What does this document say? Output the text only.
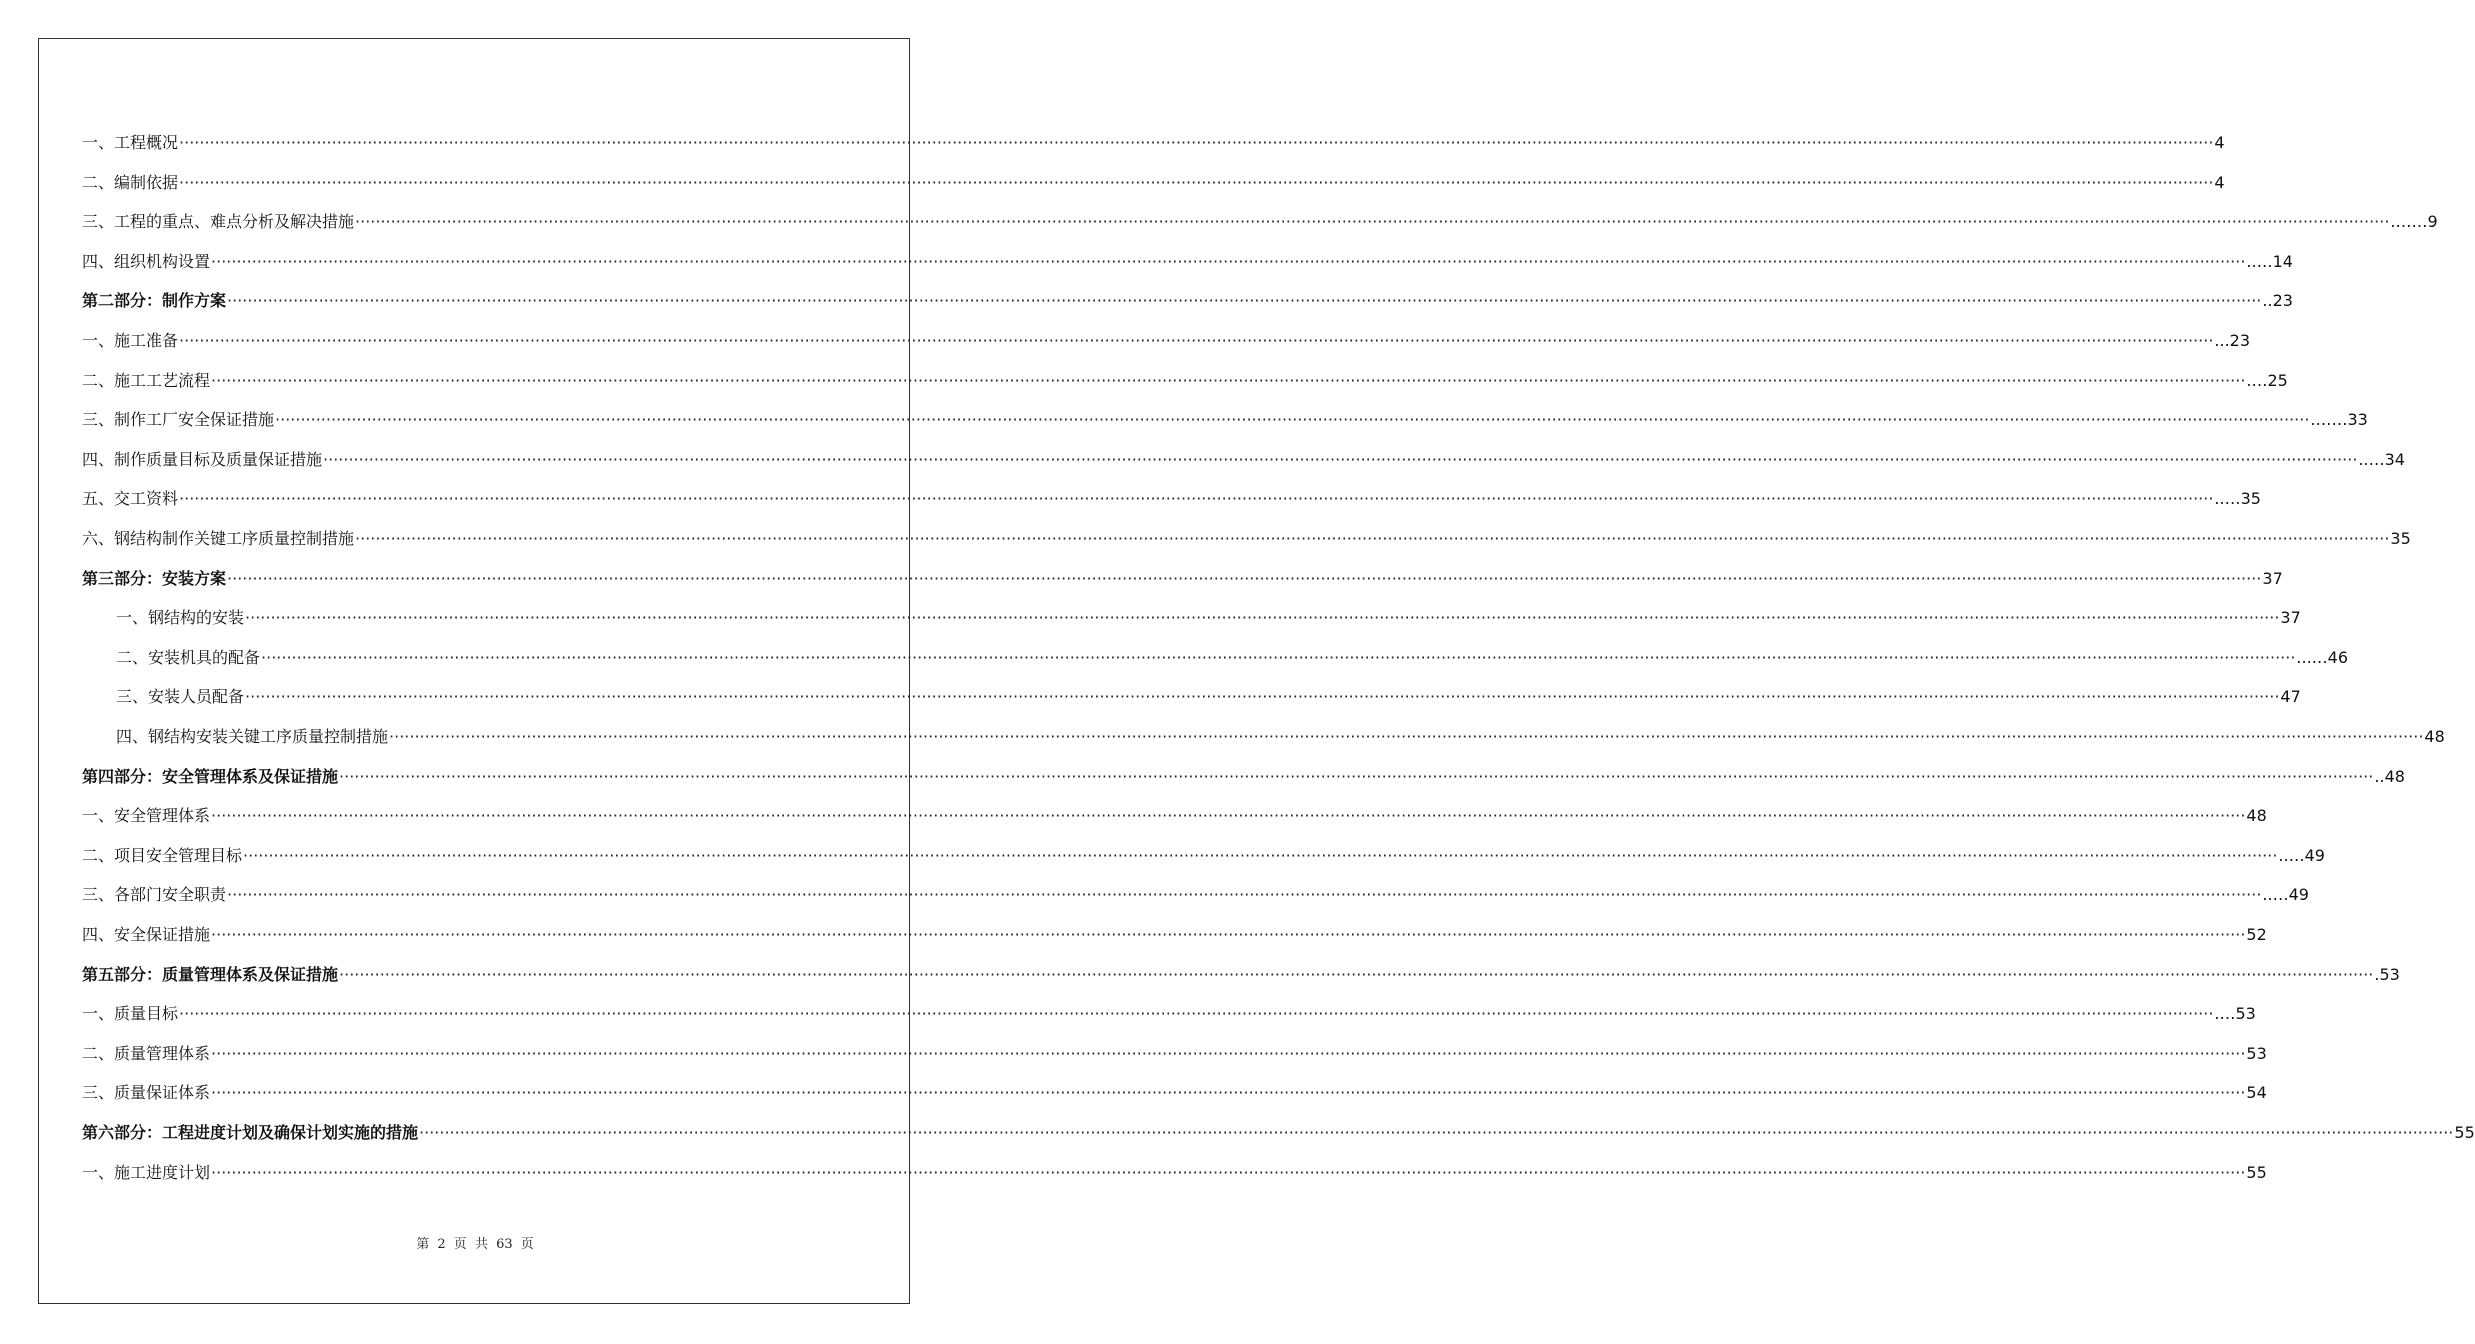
一、 工程概况 ················································································································································································································································································································································································································ 4
二、 编制依据 ················································································································································································································································································································································································································ 4
三、 工程的重点、难点分析及解决措施 ················································································································································································································································································································································································································ .……9
四、 组织机构设置 ················································································································································································································································································································································································································ ..…14
第二部分：制作方案 ················································································································································································································································································································································································································ ..23
一、 施工准备 ················································································································································································································································································································································································································ ...23
二、 施工工艺流程 ················································································································································································································································································································································································································ .…25
三、 制作工厂安全保证措施 ················································································································································································································································································································································································································ .……33
四、 制作质量目标及质量保证措施 ················································································································································································································································································································································································································ ..…34
五、 交工资料 ················································································································································································································································································································································································································ ..…35
六、 钢结构制作关键工序质量控制措施 ················································································································································································································································································································································································································ 35
第三部分：安装方案 ················································································································································································································································································································································································································ 37
一、 钢结构的安装 ················································································································································································································································································································································································································ 37
二、 安装机具的配备 ················································································································································································································································································································································································································ ...…46
三、 安装人员配备 ················································································································································································································································································································································································································ 47
四、 钢结构安装关键工序质量控制措施 ················································································································································································································································································································································································································ 48
第四部分：安全管理体系及保证措施 ················································································································································································································································································································································································································ ..48
一、 安全管理体系 ················································································································································································································································································································································································································ 48
二、 项目安全管理目标 ················································································································································································································································································································································································································ ..…49
三、 各部门安全职责 ················································································································································································································································································································································································································ ..…49
四、 安全保证措施 ················································································································································································································································································································································································································ 52
第五部分：质量管理体系及保证措施 ················································································································································································································································································································································································································ .53
一、 质量目标 ················································································································································································································································································································································································································ .…53
二、 质量管理体系 ················································································································································································································································································································································································································ 53
三、 质量保证体系 ················································································································································································································································································································································································································ 54
第六部分：工程进度计划及确保计划实施的措施 ················································································································································································································································································································································································································ 55
一、 施工进度计划 ················································································································································································································································································································································································································ 55
第 2 页 共 63 页
